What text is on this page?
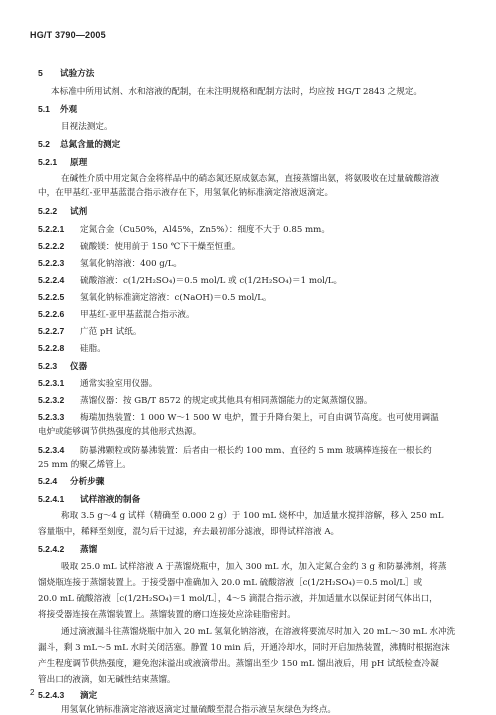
HG/T 3790—2005
5 试验方法
本标准中所用试剂、水和溶液的配制，在未注明规格和配制方法时，均应按 HG/T 2843 之规定。
5.1 外观
目视法测定。
5.2 总氮含量的测定
5.2.1 原理
在碱性介质中用定氮合金将样品中的硝态氮还原成氨态氮，直接蒸馏出氨，将氨吸收在过量硫酸溶液
中，在甲基红-亚甲基蓝混合指示液存在下，用氢氧化钠标准滴定溶液返滴定。
5.2.2 试剂
5.2.2.1 定氮合金（Cu50%，Al45%，Zn5%）：细度不大于 0.85 mm。
5.2.2.2 硫酸镁：使用前于 150 ℃下干燥至恒重。
5.2.2.3 氢氧化钠溶液：400 g/L。
5.2.2.4 硫酸溶液：c(1/2H₂SO₄)＝0.5 mol/L 或 c(1/2H₂SO₄)＝1 mol/L。
5.2.2.5 氢氧化钠标准滴定溶液：c(NaOH)＝0.5 mol/L。
5.2.2.6 甲基红-亚甲基蓝混合指示液。
5.2.2.7 广范 pH 试纸。
5.2.2.8 硅脂。
5.2.3 仪器
5.2.3.1 通常实验室用仪器。
5.2.3.2 蒸馏仪器：按 GB/T 8572 的规定或其他具有相同蒸馏能力的定氮蒸馏仪器。
5.2.3.3 梅瑞加热装置：1 000 W～1 500 W 电炉，置于升降台架上，可自由调节高度。也可使用调温
电炉或能够调节供热强度的其他形式热源。
5.2.3.4 防暴沸颗粒或防暴沸装置：后者由一根长约 100 mm、直径约 5 mm 玻璃棒连接在一根长约
25 mm 的聚乙烯管上。
5.2.4 分析步骤
5.2.4.1 试样溶液的制备
称取 3.5 g～4 g 试样（精确至 0.000 2 g）于 100 mL 烧杯中，加适量水搅拌溶解，移入 250 mL
容量瓶中，稀释至刻度，混匀后干过滤，弃去最初部分滤液，即得试样溶液 A。
5.2.4.2 蒸馏
吸取 25.0 mL 试样溶液 A 于蒸馏烧瓶中，加入 300 mL 水，加入定氮合金约 3 g 和防暴沸剂，将蒸
馏烧瓶连接于蒸馏装置上。于接受器中准确加入 20.0 mL 硫酸溶液［c(1/2H₂SO₄)＝0.5 mol/L］或
20.0 mL 硫酸溶液［c(1/2H₂SO₄)＝1 mol/L］，4～5 滴混合指示液，并加适量水以保证封闭气体出口，
将接受器连接在蒸馏装置上。蒸馏装置的磨口连接处应涂硅脂密封。
通过滴液漏斗往蒸馏烧瓶中加入 20 mL 氢氧化钠溶液，在溶液将要流尽时加入 20 mL～30 mL 水冲洗
漏斗，剩 3 mL～5 mL 水时关闭活塞。静置 10 min 后，开通冷却水，同时开启加热装置，沸腾时根据泡沫
产生程度调节供热强度，避免泡沫溢出或液滴带出。蒸馏出至少 150 mL 馏出液后，用 pH 试纸检查冷凝
管出口的液滴，如无碱性结束蒸馏。
5.2.4.3 滴定
用氢氧化钠标准滴定溶液返滴定过量硫酸至混合指示液呈灰绿色为终点。
2
